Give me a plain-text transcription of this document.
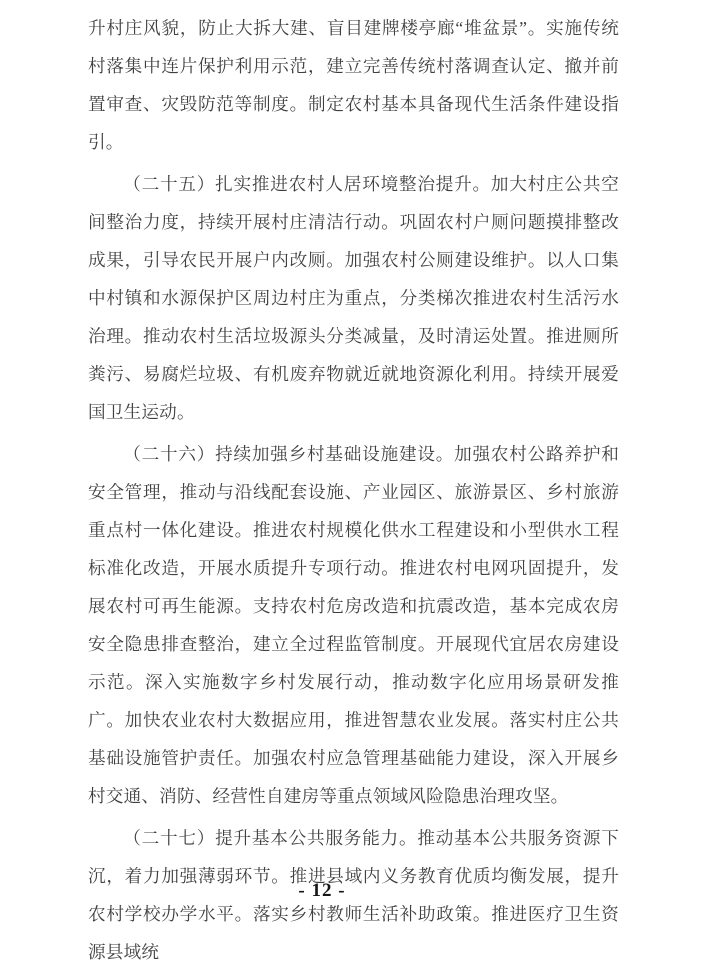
升村庄风貌，防止大拆大建、盲目建牌楼亭廊“堆盆景”。实施传统村落集中连片保护利用示范，建立完善传统村落调查认定、撤并前置审查、灾毁防范等制度。制定农村基本具备现代生活条件建设指引。

（二十五）扎实推进农村人居环境整治提升。加大村庄公共空间整治力度，持续开展村庄清洁行动。巩固农村户厕问题摸排整改成果，引导农民开展户内改厕。加强农村公厕建设维护。以人口集中村镇和水源保护区周边村庄为重点，分类梯次推进农村生活污水治理。推动农村生活垃圾源头分类减量，及时清运处置。推进厕所粪污、易腐烂垃圾、有机废弃物就近就地资源化利用。持续开展爱国卫生运动。

（二十六）持续加强乡村基础设施建设。加强农村公路养护和安全管理，推动与沿线配套设施、产业园区、旅游景区、乡村旅游重点村一体化建设。推进农村规模化供水工程建设和小型供水工程标准化改造，开展水质提升专项行动。推进农村电网巩固提升，发展农村可再生能源。支持农村危房改造和抗震改造，基本完成农房安全隐患排查整治，建立全过程监管制度。开展现代宜居农房建设示范。深入实施数字乡村发展行动，推动数字化应用场景研发推广。加快农业农村大数据应用，推进智慧农业发展。落实村庄公共基础设施管护责任。加强农村应急管理基础能力建设，深入开展乡村交通、消防、经营性自建房等重点领域风险隐患治理攻坚。

（二十七）提升基本公共服务能力。推动基本公共服务资源下沉，着力加强薄弱环节。推进县域内义务教育优质均衡发展，提升农村学校办学水平。落实乡村教师生活补助政策。推进医疗卫生资源县域统

- 12 -
